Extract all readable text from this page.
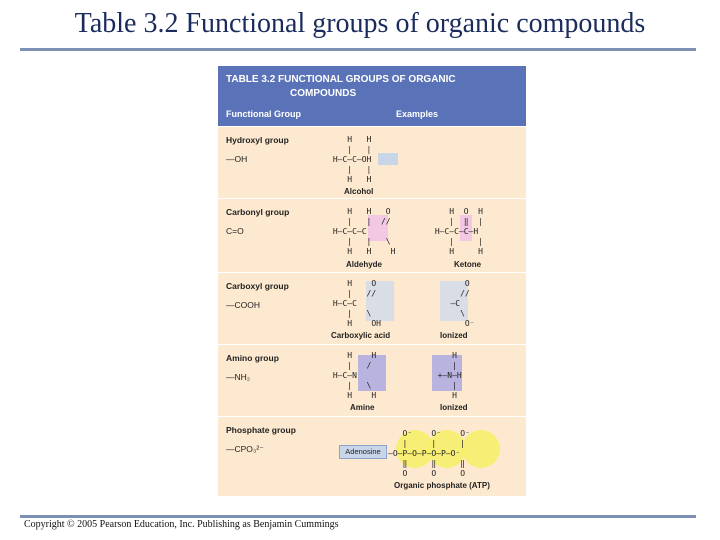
Table 3.2 Functional groups of organic compounds
TABLE 3.2 FUNCTIONAL GROUPS OF ORGANIC
COMPOUNDS
Functional Group	Examples
Hydroxyl group
—OH
H   H
|   |
H—C—C—OH
|   |
H   H
Alcohol
Carbonyl group
C=O
H   H   O
|   |  //
H—C—C—C
|   |   \
H   H    H
H  O  H
|  ‖  |
H—C—C—C—H
|     |
H     H
Aldehyde	Ketone
Carboxyl group
—COOH
H    O
|   //
H—C—C
|   \
H    OH
O
//
—C
\
O⁻
Carboxylic acid	Ionized
Amino group
—NH₂
H    H
|   /
H—C—N
|   \
H    H
H
|
+—N—H
|
H
Amine	Ionized
Phosphate group
—CPO₃²⁻	Adenosine
O⁻    O⁻    O⁻
|     |     |
—O—P—O—P—O—P—O⁻
‖     ‖     ‖
O     O     O
Organic phosphate (ATP)
Copyright © 2005 Pearson Education, Inc. Publishing as Benjamin Cummings
